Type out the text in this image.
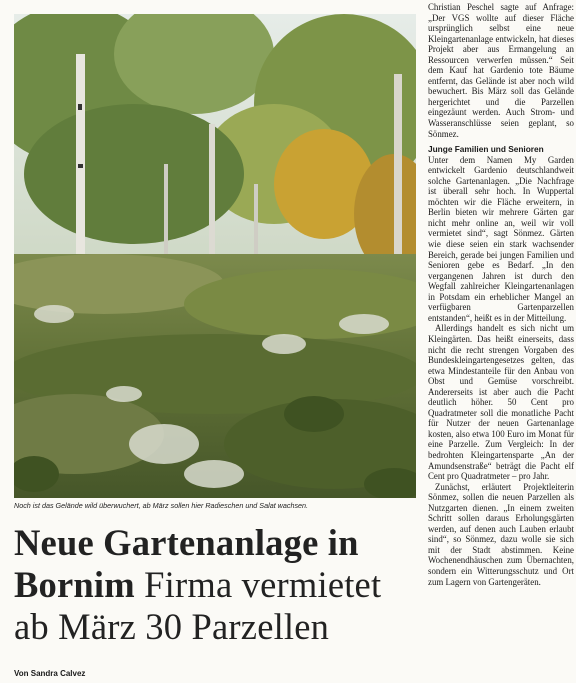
Noch ist das Gelände wild überwuchert, ab März sollen hier Radieschen und Salat wachsen.
Neue Gartenanlage in Bornim Firma vermietet ab März 30 Parzellen
Von Sandra Calvez

Christian Peschel sagte auf Anfrage: „Der VGS wollte auf dieser Fläche ursprünglich selbst eine neue Kleingartenanlage entwickeln, hat dieses Projekt aber aus Ermangelung an Ressourcen verwerfen müssen.“ Seit dem Kauf hat Gardenio tote Bäume entfernt, das Gelände ist aber noch wild bewuchert. Bis März soll das Gelände hergerichtet und die Parzellen eingezäunt werden. Auch Strom- und Wasseranschlüsse seien geplant, so Sönmez.

Junge Familien und Senioren

Unter dem Namen My Garden entwickelt Gardenio deutschlandweit solche Gartenanlagen. „Die Nachfrage ist überall sehr hoch. In Wuppertal möchten wir die Fläche erweitern, in Berlin bieten wir mehrere Gärten gar nicht mehr online an, weil wir voll vermietet sind“, sagt Sönmez. Gärten wie diese seien ein stark wachsender Bereich, gerade bei jungen Familien und Senioren gebe es Bedarf. „In den vergangenen Jahren ist durch den Wegfall zahlreicher Kleingartenanlagen in Potsdam ein erheblicher Mangel an verfügbaren Gartenparzellen entstanden“, heißt es in der Mitteilung.

Allerdings handelt es sich nicht um Kleingärten. Das heißt einerseits, dass nicht die recht strengen Vorgaben des Bundeskleingartengesetzes gelten, das etwa Mindestanteile für den Anbau von Obst und Gemüse vorschreibt. Andererseits ist aber auch die Pacht deutlich höher. 50 Cent pro Quadratmeter soll die monatliche Pacht für Nutzer der neuen Gartenanlage kosten, also etwa 100 Euro im Monat für eine Parzelle. Zum Vergleich: In der bedrohten Kleingartensparte „An der Amundsenstraße“ beträgt die Pacht elf Cent pro Quadratmeter – pro Jahr.

Zunächst, erläutert Projektleiterin Sönmez, sollen die neuen Parzellen als Nutzgarten dienen. „In einem zweiten Schritt sollen daraus Erholungsgärten werden, auf denen auch Lauben erlaubt sind“, so Sönmez, dazu wolle sie sich mit der Stadt abstimmen. Keine Wochenendhäuschen zum Übernachten, sondern ein Witterungsschutz und Ort zum Lagern von Gartengeräten.
